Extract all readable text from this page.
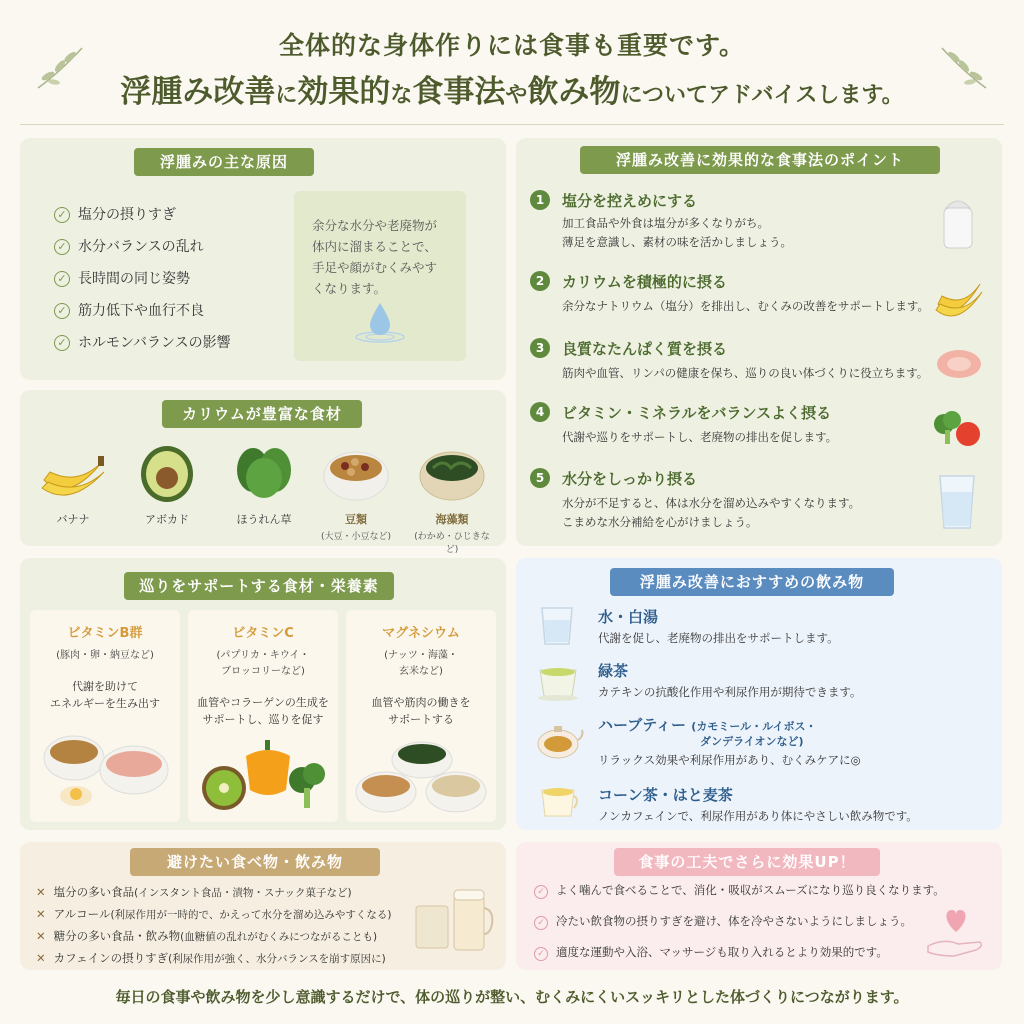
全体的な身体作りには食事も重要です。
浮腫み改善に効果的な食事法や飲み物についてアドバイスします。
浮腫みの主な原因
✓ 塩分の摂りすぎ
✓ 水分バランスの乱れ
✓ 長時間の同じ姿勢
✓ 筋力低下や血行不良
✓ ホルモンバランスの影響
余分な水分や老廃物が体内に溜まることで、手足や顔がむくみやすくなります。
カリウムが豊富な食材
バナナ	アボカド	ほうれん草	豆類
(大豆・小豆など)
海藻類
(わかめ・ひじきなど)
浮腫み改善に効果的な食事法のポイント
1	塩分を控えめにする
加工食品や外食は塩分が多くなりがち。
薄足を意識し、素材の味を活かしましょう。
2	カリウムを積極的に摂る
余分なナトリウム（塩分）を排出し、むくみの改善をサポートします。
3	良質なたんぱく質を摂る
筋肉や血管、リンパの健康を保ち、巡りの良い体づくりに役立ちます。
4	ビタミン・ミネラルをバランスよく摂る
代謝や巡りをサポートし、老廃物の排出を促します。
5	水分をしっかり摂る
水分が不足すると、体は水分を溜め込みやすくなります。
こまめな水分補給を心がけましょう。
巡りをサポートする食材・栄養素
ビタミンB群
(豚肉・卵・納豆など)
代謝を助けて
エネルギーを生み出す
ビタミンC
(パプリカ・キウイ・
ブロッコリーなど)
血管やコラーゲンの生成を
サポートし、巡りを促す
マグネシウム
(ナッツ・海藻・
玄米など)
血管や筋肉の働きを
サポートする
浮腫み改善におすすめの飲み物
水・白湯
代謝を促し、老廃物の排出をサポートします。
緑茶
カテキンの抗酸化作用や利尿作用が期待できます。
ハーブティー (カモミール・ルイボス・
ダンデライオンなど)
リラックス効果や利尿作用があり、むくみケアに◎
コーン茶・はと麦茶
ノンカフェインで、利尿作用があり体にやさしい飲み物です。
避けたい食べ物・飲み物
✕ 塩分の多い食品(インスタント食品・漬物・スナック菓子など)
✕ アルコール(利尿作用が一時的で、かえって水分を溜め込みやすくなる)
✕ 糖分の多い食品・飲み物(血糖値の乱れがむくみにつながることも)
✕ カフェインの摂りすぎ(利尿作用が強く、水分バランスを崩す原因に)
食事の工夫でさらに効果UP！
✓ よく噛んで食べることで、消化・吸収がスムーズになり巡り良くなります。
✓ 冷たい飲食物の摂りすぎを避け、体を冷やさないようにしましょう。
✓ 適度な運動や入浴、マッサージも取り入れるとより効果的です。
毎日の食事や飲み物を少し意識するだけで、体の巡りが整い、むくみにくいスッキリとした体づくりにつながります。
